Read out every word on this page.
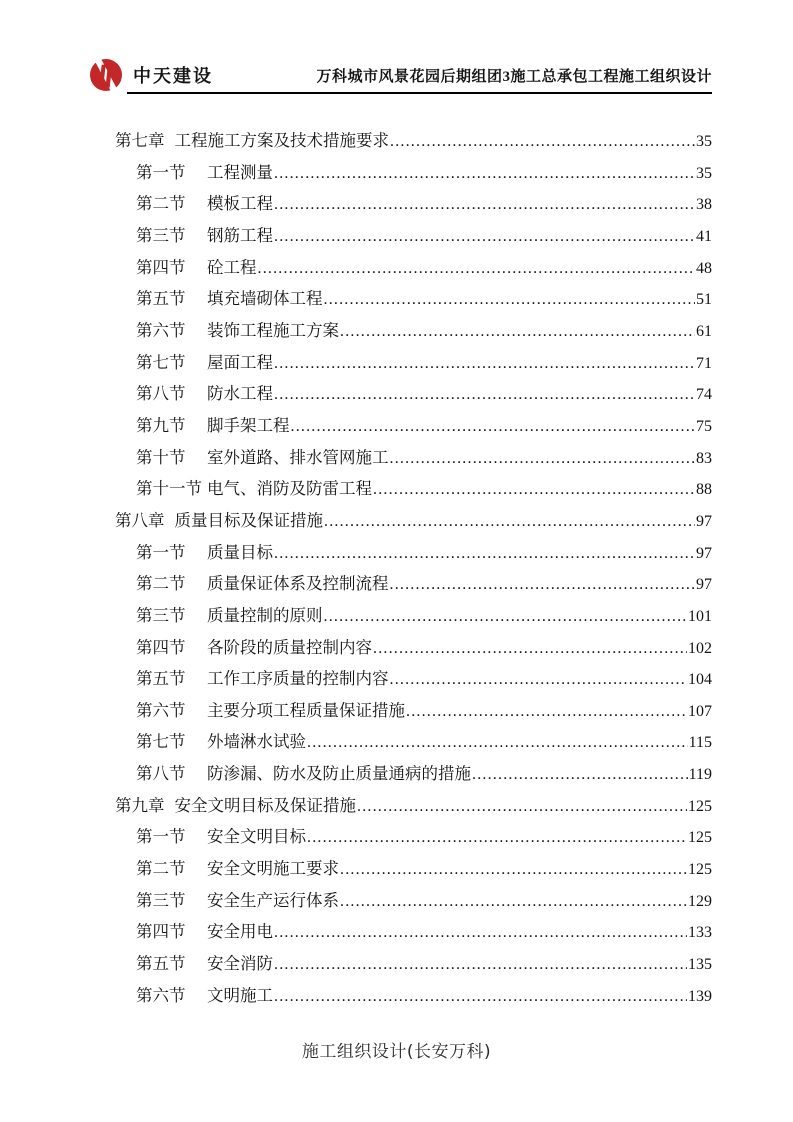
中天建设	万科城市风景花园后期组团3施工总承包工程施工组织设计
第七章 工程施工方案及技术措施要求 .....	35
第一节	工程测量 .....	35
第二节	模板工程 .....	38
第三节	钢筋工程 .....	41
第四节	砼工程 .....	48
第五节	填充墙砌体工程 .....	51
第六节	装饰工程施工方案 .....	61
第七节	屋面工程 .....	71
第八节	防水工程 .....	74
第九节	脚手架工程 .....	75
第十节	室外道路、排水管网施工 .....	83
第十一节 电气、消防及防雷工程 .....	88
第八章 质量目标及保证措施 .....	97
第一节	质量目标 .....	97
第二节	质量保证体系及控制流程 .....	97
第三节	质量控制的原则 .....	101
第四节	各阶段的质量控制内容 .....	102
第五节	工作工序质量的控制内容 .....	104
第六节	主要分项工程质量保证措施 .....	107
第七节	外墙淋水试验 .....	115
第八节	防渗漏、防水及防止质量通病的措施 .....	119
第九章 安全文明目标及保证措施 .....	125
第一节	安全文明目标 .....	125
第二节	安全文明施工要求 .....	125
第三节	安全生产运行体系 .....	129
第四节	安全用电 .....	133
第五节	安全消防 .....	135
第六节	文明施工 .....	139
施工组织设计(长安万科)
